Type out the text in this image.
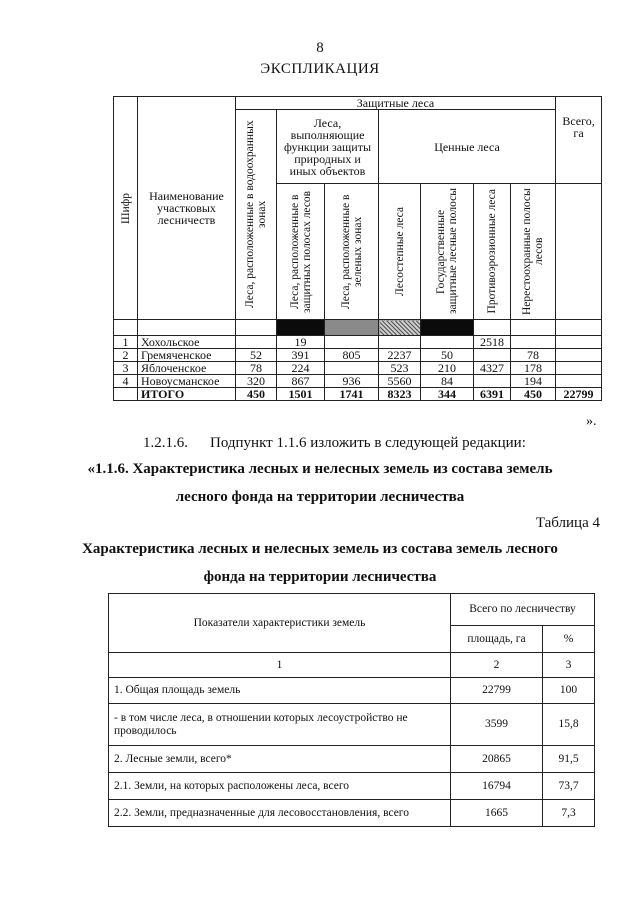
8
ЭКСПЛИКАЦИЯ
Шифр	Наименование участковых лесничеств	Защитные леса							Всего, га

		Леса, расположенные в водоохранных зонах	Леса, выполняющие функции защиты природных и иных объектов		Ценные леса				

			Леса, расположенные в защитных полосах лесов	Леса, расположенные в зеленых зонах	Лесостепные леса	Государственные защитные лесные полосы	Противоэрозионные леса	Нерестоохранные полосы лесов	

1	Хохольское		19				2518		
2	Гремяченское	52	391	805	2237	50		78	
3	Яблоченское	78	224		523	210	4327	178	
4	Новоусманское	320	867	936	5560	84		194	
	ИТОГО	450	1501	1741	8323	344	6391	450	22799
».
1.2.1.6. Подпункт 1.1.6 изложить в следующей редакции:
«1.1.6. Характеристика лесных и нелесных земель из состава земель
лесного фонда на территории лесничества
Таблица 4
Характеристика лесных и нелесных земель из состава земель лесного
фонда на территории лесничества
Показатели характеристики земель	Всего по лесничеству	
	площадь, га	%
1	2	3
1. Общая площадь земель	22799	100
- в том числе леса, в отношении которых лесоустройство не проводилось	3599	15,8
2. Лесные земли, всего*	20865	91,5
2.1. Земли, на которых расположены леса, всего	16794	73,7
2.2. Земли, предназначенные для лесовосстановления, всего	1665	7,3
